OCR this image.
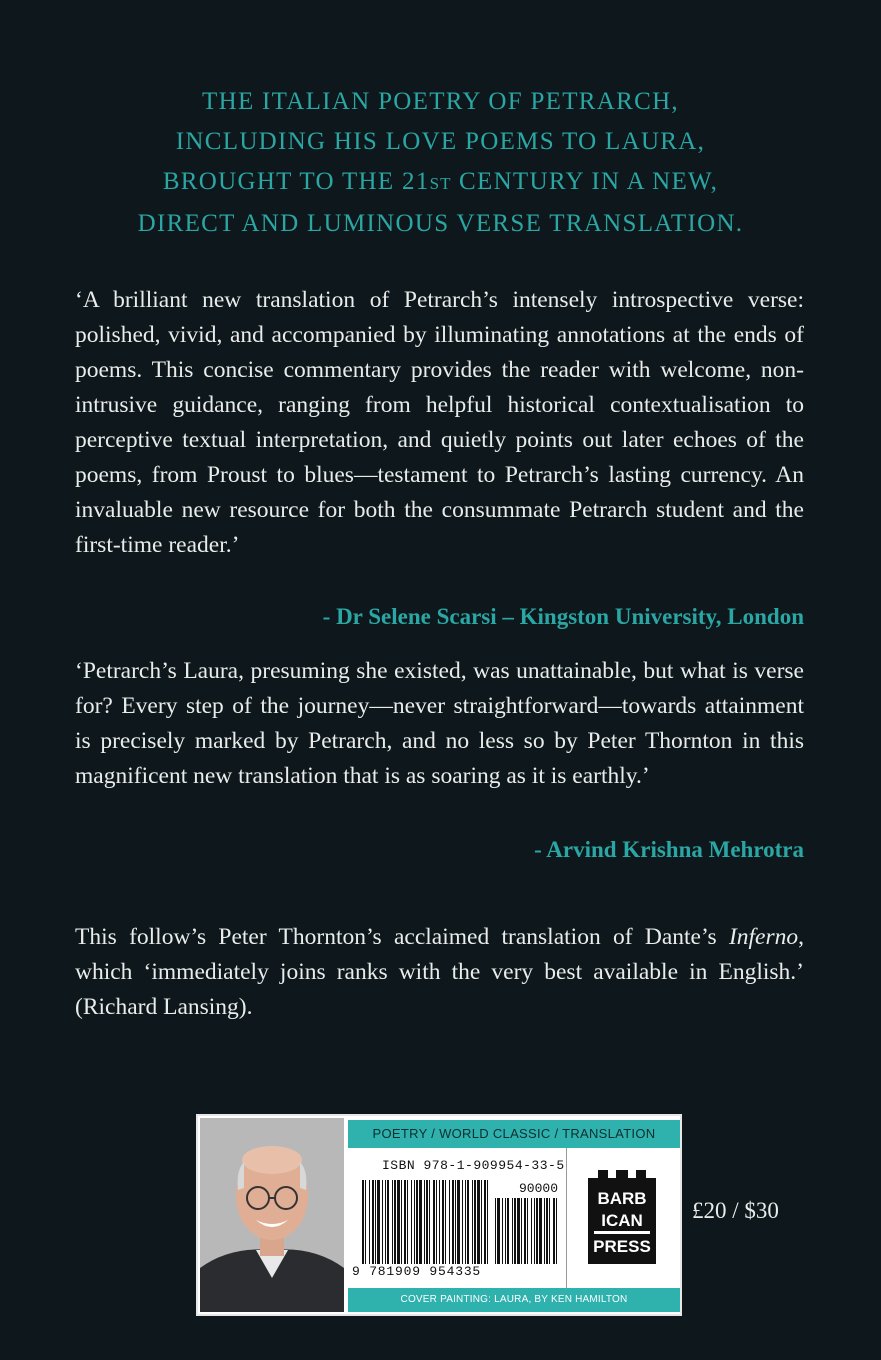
THE ITALIAN POETRY OF PETRARCH,
INCLUDING HIS LOVE POEMS TO LAURA,
BROUGHT TO THE 21ST CENTURY IN A NEW,
DIRECT AND LUMINOUS VERSE TRANSLATION.
‘A brilliant new translation of Petrarch’s intensely introspective verse: polished, vivid, and accompanied by illuminating annotations at the ends of poems. This concise commentary provides the reader with welcome, non-intrusive guidance, ranging from helpful historical contextualisation to perceptive textual interpretation, and quietly points out later echoes of the poems, from Proust to blues—testament to Petrarch’s lasting currency. An invaluable new resource for both the consummate Petrarch student and the first-time reader.’
- Dr Selene Scarsi – Kingston University, London
‘Petrarch’s Laura, presuming she existed, was unattainable, but what is verse for? Every step of the journey—never straightforward—towards attainment is precisely marked by Petrarch, and no less so by Peter Thornton in this magnificent new translation that is as soaring as it is earthly.’
- Arvind Krishna Mehrotra
This follow’s Peter Thornton’s acclaimed translation of Dante’s Inferno, which ‘immediately joins ranks with the very best available in English.’ (Richard Lansing).
POETRY / WORLD CLASSIC / TRANSLATION
ISBN 978-1-909954-33-5
90000
9 781909 954335
BARB
ICAN
PRESS
COVER PAINTING: LAURA, BY KEN HAMILTON
£20 / $30
